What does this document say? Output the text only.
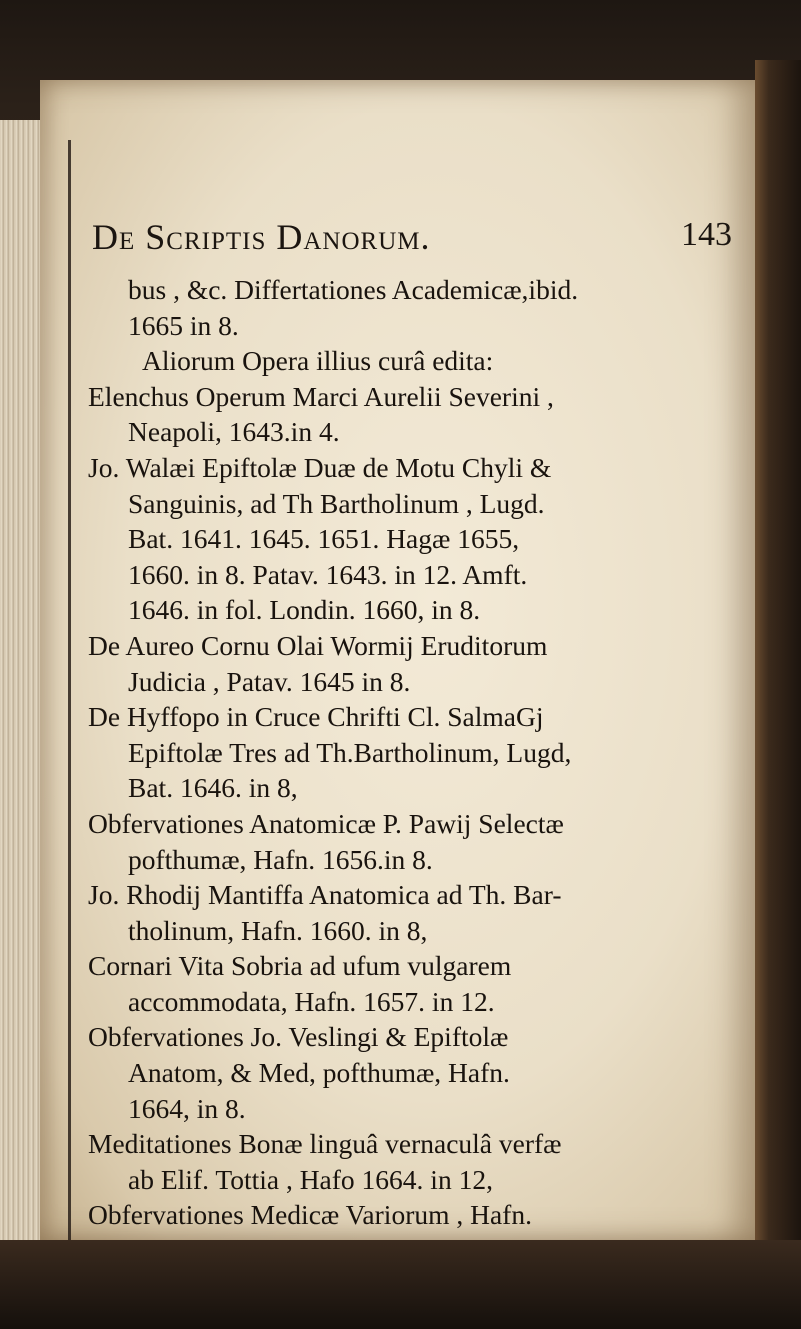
De Scriptis Danorum.	143

bus , &c. Differtationes Academicæ,ibid.
1665 in 8.

Aliorum Opera illius curâ edita:

Elenchus Operum Marci Aurelii Severini ,
Neapoli, 1643.in 4.

Jo. Walæi Epiftolæ Duæ de Motu Chyli &
Sanguinis, ad Th Bartholinum , Lugd.
Bat. 1641. 1645. 1651. Hagæ 1655,
1660. in 8. Patav. 1643. in 12. Amft.
1646. in fol. Londin. 1660, in 8.

De Aureo Cornu Olai Wormij Eruditorum
Judicia , Patav. 1645 in 8.

De Hyffopo in Cruce Chrifti Cl. SalmaGj
Epiftolæ Tres ad Th.Bartholinum, Lugd,
Bat. 1646. in 8,

Obfervationes Anatomicæ P. Pawij Selectæ
pofthumæ, Hafn. 1656.in 8.

Jo. Rhodij Mantiffa Anatomica ad Th. Bar-
tholinum, Hafn. 1660. in 8,

Cornari Vita Sobria ad ufum vulgarem
accommodata, Hafn. 1657. in 12.

Obfervationes Jo. Veslingi & Epiftolæ
Anatom, & Med, pofthumæ, Hafn.
1664, in 8.

Meditationes Bonæ linguâ vernaculâ verfæ
ab Elif. Tottia , Hafo 1664. in 12,

Obfervationes Medicæ Variorum , Hafn.
